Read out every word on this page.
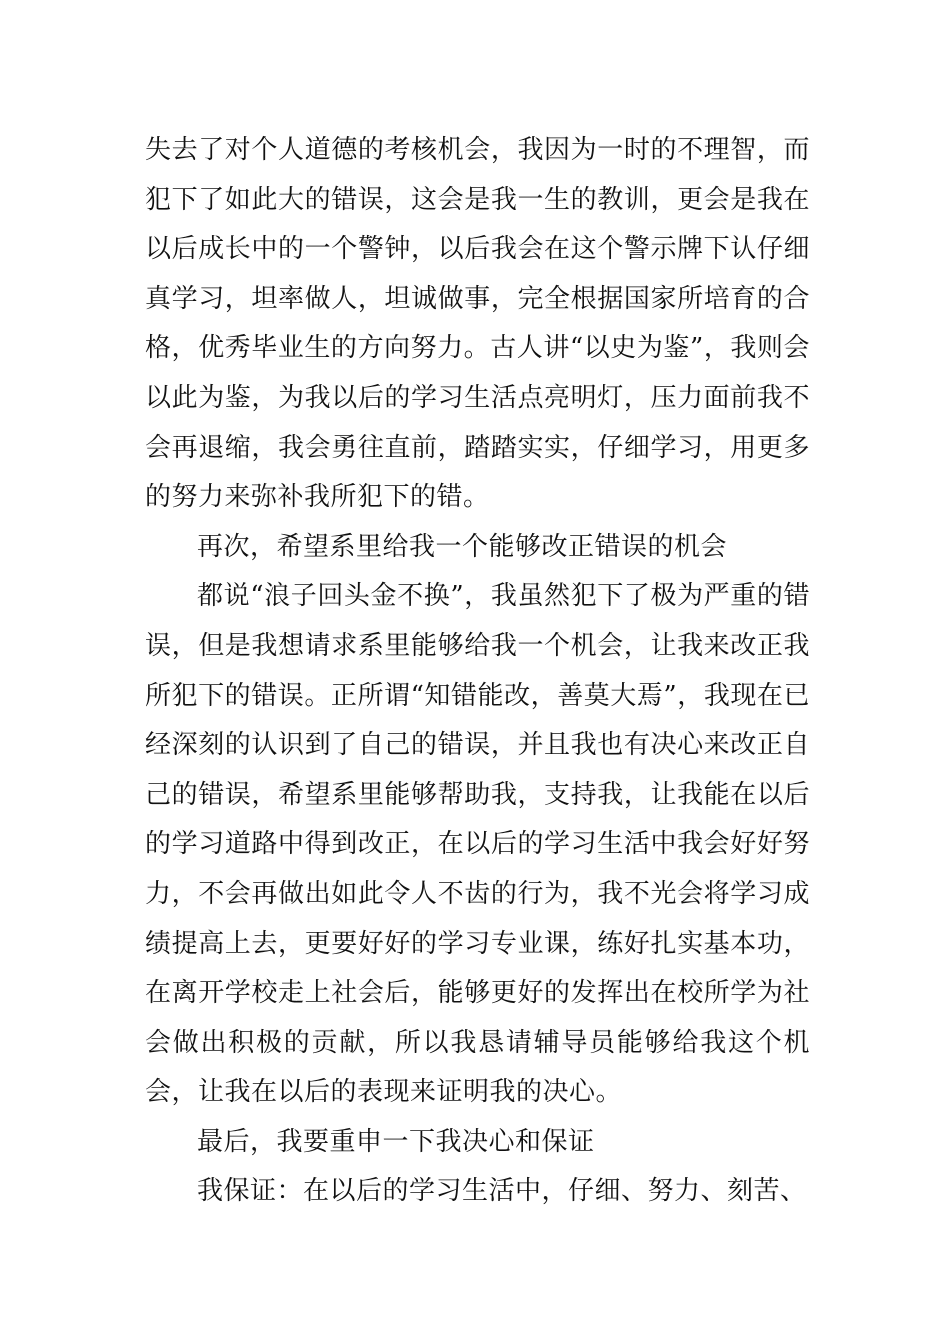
失去了对个人道德的考核机会，我因为一时的不理智，而犯下了如此大的错误，这会是我一生的教训，更会是我在以后成长中的一个警钟，以后我会在这个警示牌下认仔细真学习，坦率做人，坦诚做事，完全根据国家所培育的合格，优秀毕业生的方向努力。古人讲“以史为鉴”，我则会以此为鉴，为我以后的学习生活点亮明灯，压力面前我不会再退缩，我会勇往直前，踏踏实实，仔细学习，用更多的努力来弥补我所犯下的错。

再次，希望系里给我一个能够改正错误的机会

都说“浪子回头金不换”，我虽然犯下了极为严重的错误，但是我想请求系里能够给我一个机会，让我来改正我所犯下的错误。正所谓“知错能改，善莫大焉”，我现在已经深刻的认识到了自己的错误，并且我也有决心来改正自己的错误，希望系里能够帮助我，支持我，让我能在以后的学习道路中得到改正，在以后的学习生活中我会好好努力，不会再做出如此令人不齿的行为，我不光会将学习成绩提高上去，更要好好的学习专业课，练好扎实基本功，在离开学校走上社会后，能够更好的发挥出在校所学为社会做出积极的贡献，所以我恳请辅导员能够给我这个机会，让我在以后的表现来证明我的决心。

最后，我要重申一下我决心和保证

我保证：在以后的学习生活中，仔细、努力、刻苦、
